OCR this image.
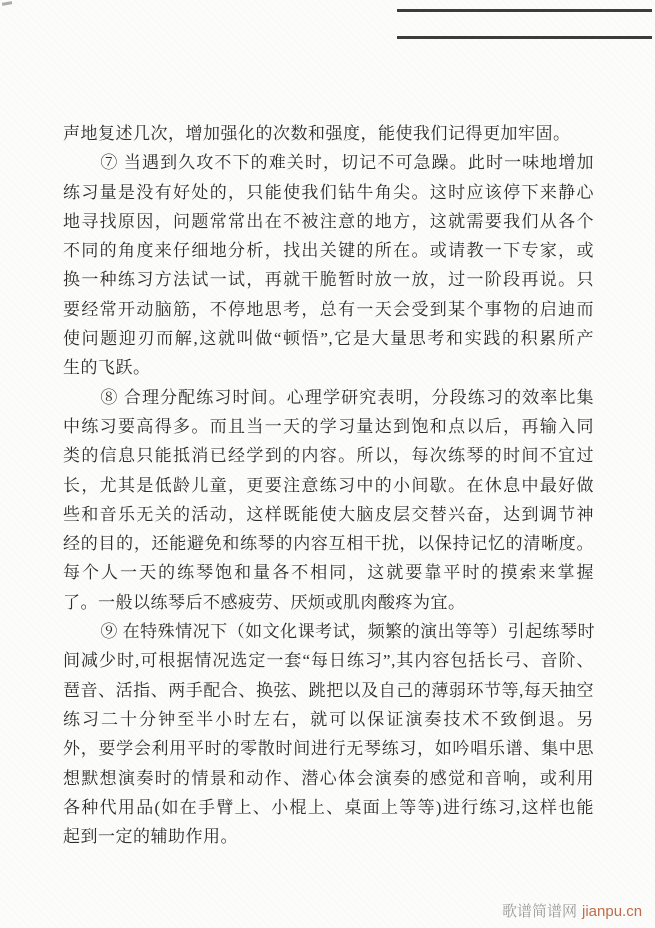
声地复述几次，增加强化的次数和强度，能使我们记得更加牢固。
⑦ 当遇到久攻不下的难关时，切记不可急躁。此时一味地增加
练习量是没有好处的，只能使我们钻牛角尖。这时应该停下来静心
地寻找原因，问题常常出在不被注意的地方，这就需要我们从各个
不同的角度来仔细地分析，找出关键的所在。或请教一下专家，或
换一种练习方法试一试，再就干脆暂时放一放，过一阶段再说。只
要经常开动脑筋，不停地思考，总有一天会受到某个事物的启迪而
使问题迎刃而解,这就叫做“顿悟”,它是大量思考和实践的积累所产
生的飞跃。
⑧ 合理分配练习时间。心理学研究表明，分段练习的效率比集
中练习要高得多。而且当一天的学习量达到饱和点以后，再输入同
类的信息只能抵消已经学到的内容。所以，每次练琴的时间不宜过
长，尤其是低龄儿童，更要注意练习中的小间歇。在休息中最好做
些和音乐无关的活动，这样既能使大脑皮层交替兴奋，达到调节神
经的目的，还能避免和练琴的内容互相干扰，以保持记忆的清晰度。
每个人一天的练琴饱和量各不相同，这就要靠平时的摸索来掌握
了。一般以练琴后不感疲劳、厌烦或肌肉酸疼为宜。
⑨ 在特殊情况下（如文化课考试，频繁的演出等等）引起练琴时
间减少时,可根据情况选定一套“每日练习”,其内容包括长弓、音阶、
琶音、活指、两手配合、换弦、跳把以及自己的薄弱环节等,每天抽空
练习二十分钟至半小时左右，就可以保证演奏技术不致倒退。另
外，要学会利用平时的零散时间进行无琴练习，如吟唱乐谱、集中思
想默想演奏时的情景和动作、潜心体会演奏的感觉和音响，或利用
各种代用品(如在手臂上、小棍上、桌面上等等)进行练习,这样也能
起到一定的辅助作用。
歌谱简谱网 jianpu.cn
